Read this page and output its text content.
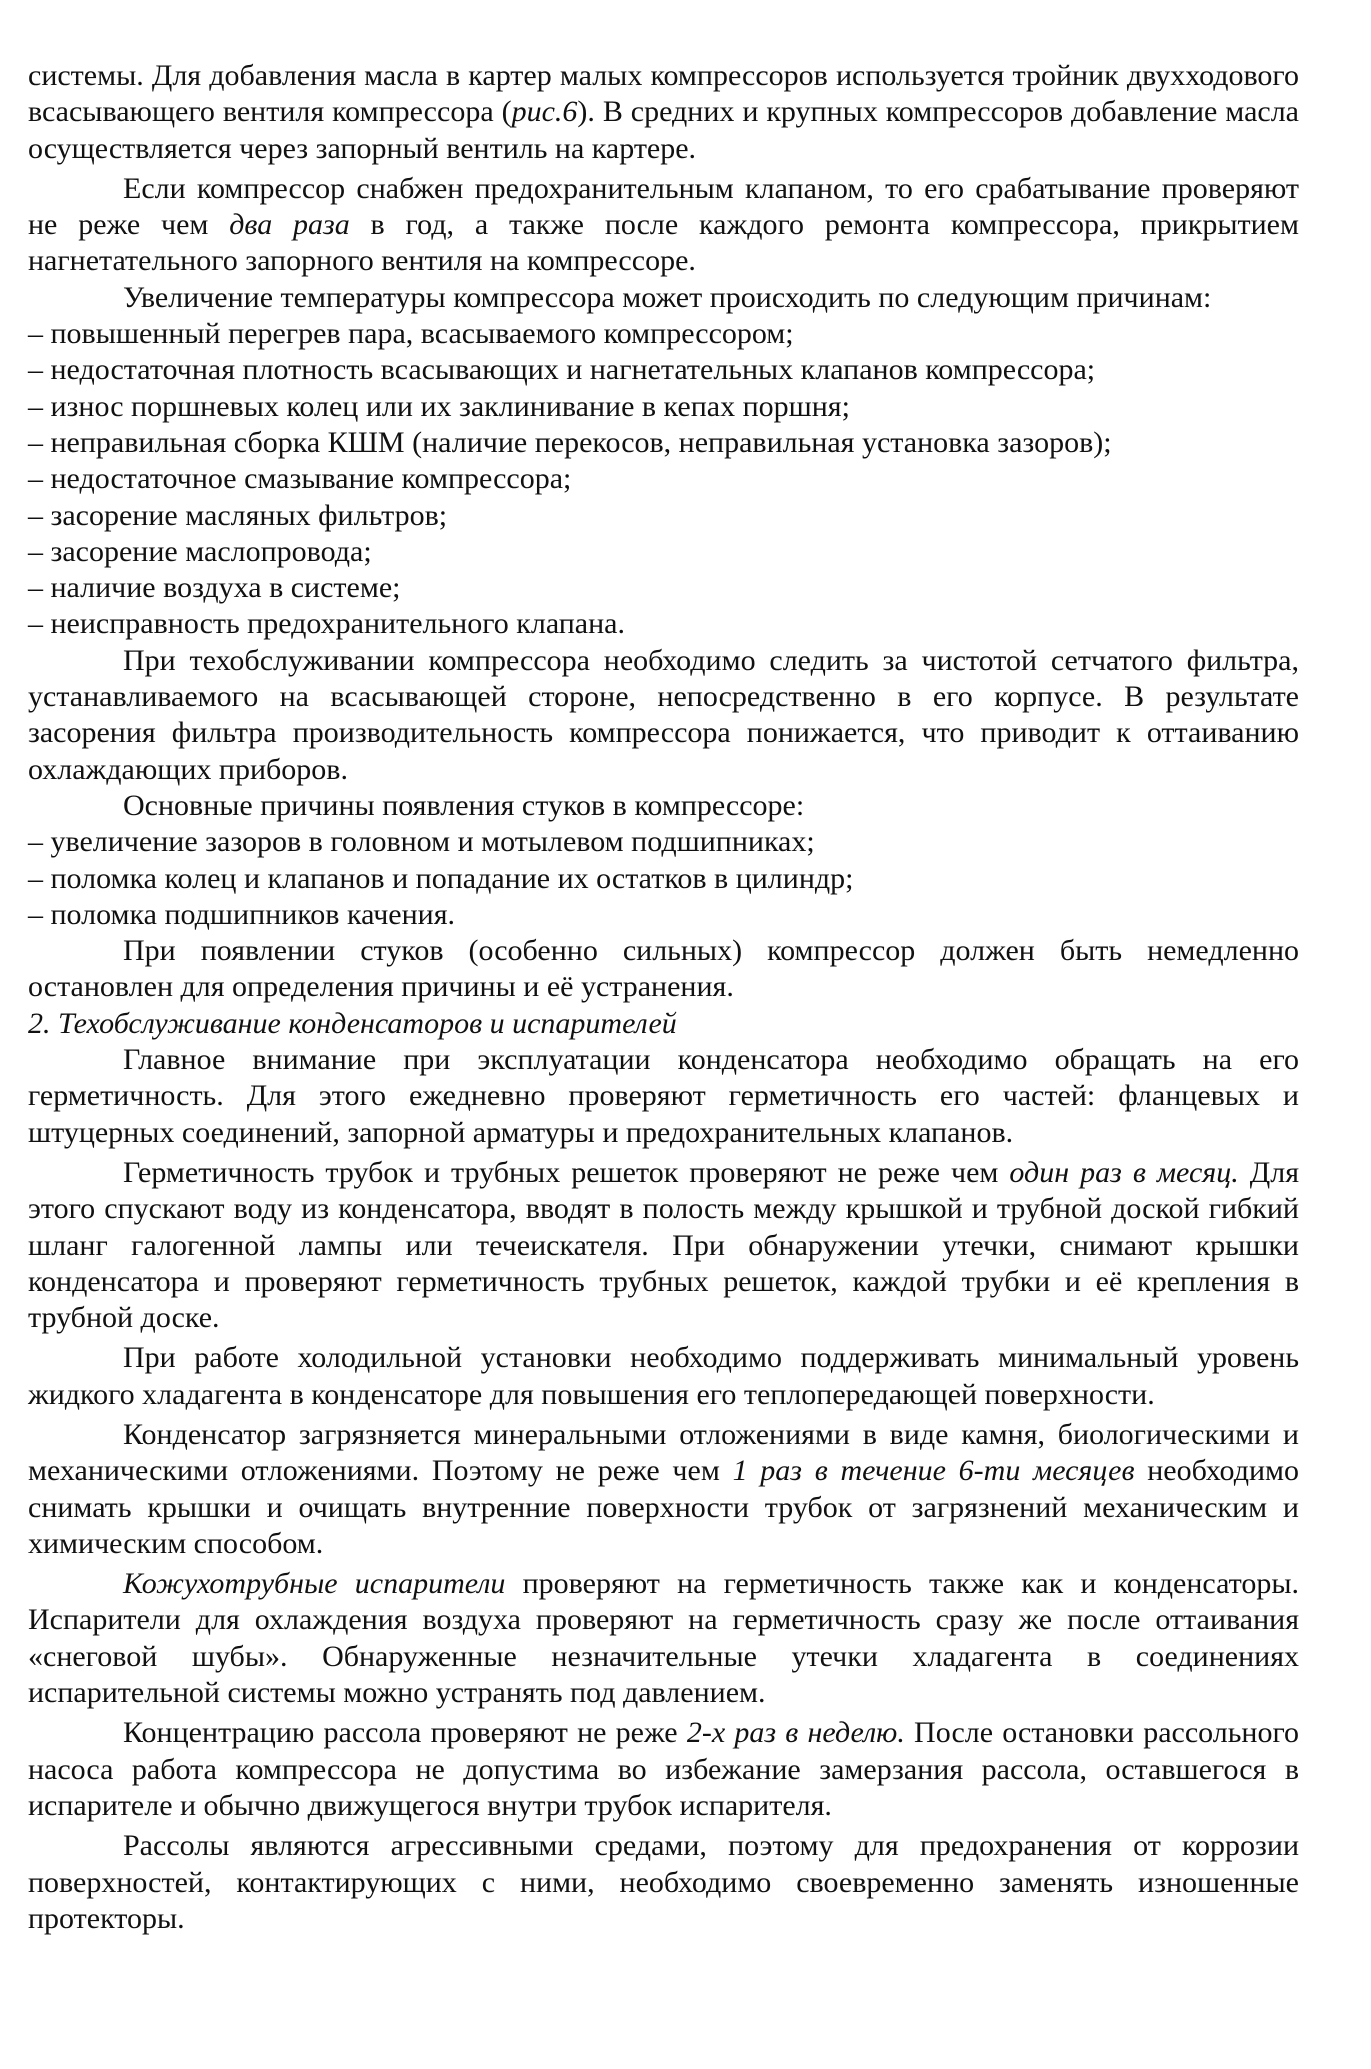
системы. Для добавления масла в картер малых компрессоров используется тройник двухходового всасывающего вентиля компрессора (рис.6). В средних и крупных компрессоров добавление масла осуществляется через запорный вентиль на картере.

Если компрессор снабжен предохранительным клапаном, то его срабатывание проверяют не реже чем два раза в год, а также после каждого ремонта компрессора, прикрытием нагнетательного запорного вентиля на компрессоре.

Увеличение температуры компрессора может происходить по следующим причинам:

– повышенный перегрев пара, всасываемого компрессором;

– недостаточная плотность всасывающих и нагнетательных клапанов компрессора;

– износ поршневых колец или их заклинивание в кепах поршня;

– неправильная сборка КШМ (наличие перекосов, неправильная установка зазоров);

– недостаточное смазывание компрессора;

– засорение масляных фильтров;

– засорение маслопровода;

– наличие воздуха в системе;

– неисправность предохранительного клапана.

При техобслуживании компрессора необходимо следить за чистотой сетчатого фильтра, устанавливаемого на всасывающей стороне, непосредственно в его корпусе. В результате засорения фильтра производительность компрессора понижается, что приводит к оттаиванию охлаждающих приборов.

Основные причины появления стуков в компрессоре:

– увеличение зазоров в головном и мотылевом подшипниках;

– поломка колец и клапанов и попадание их остатков в цилиндр;

– поломка подшипников качения.

При появлении стуков (особенно сильных) компрессор должен быть немедленно остановлен для определения причины и её устранения.

2. Техобслуживание конденсаторов и испарителей

Главное внимание при эксплуатации конденсатора необходимо обращать на его герметичность. Для этого ежедневно проверяют герметичность его частей: фланцевых и штуцерных соединений, запорной арматуры и предохранительных клапанов.

Герметичность трубок и трубных решеток проверяют не реже чем один раз в месяц. Для этого спускают воду из конденсатора, вводят в полость между крышкой и трубной доской гибкий шланг галогенной лампы или течеискателя. При обнаружении утечки, снимают крышки конденсатора и проверяют герметичность трубных решеток, каждой трубки и её крепления в трубной доске.

При работе холодильной установки необходимо поддерживать минимальный уровень жидкого хладагента в конденсаторе для повышения его теплопередающей поверхности.

Конденсатор загрязняется минеральными отложениями в виде камня, биологическими и механическими отложениями. Поэтому не реже чем 1 раз в течение 6-ти месяцев необходимо снимать крышки и очищать внутренние поверхности трубок от загрязнений механическим и химическим способом.

Кожухотрубные испарители проверяют на герметичность также как и конденсаторы. Испарители для охлаждения воздуха проверяют на герметичность сразу же после оттаивания «снеговой шубы». Обнаруженные незначительные утечки хладагента в соединениях испарительной системы можно устранять под давлением.

Концентрацию рассола проверяют не реже 2-х раз в неделю. После остановки рассольного насоса работа компрессора не допустима во избежание замерзания рассола, оставшегося в испарителе и обычно движущегося внутри трубок испарителя.

Рассолы являются агрессивными средами, поэтому для предохранения от коррозии поверхностей, контактирующих с ними, необходимо своевременно заменять изношенные протекторы.
